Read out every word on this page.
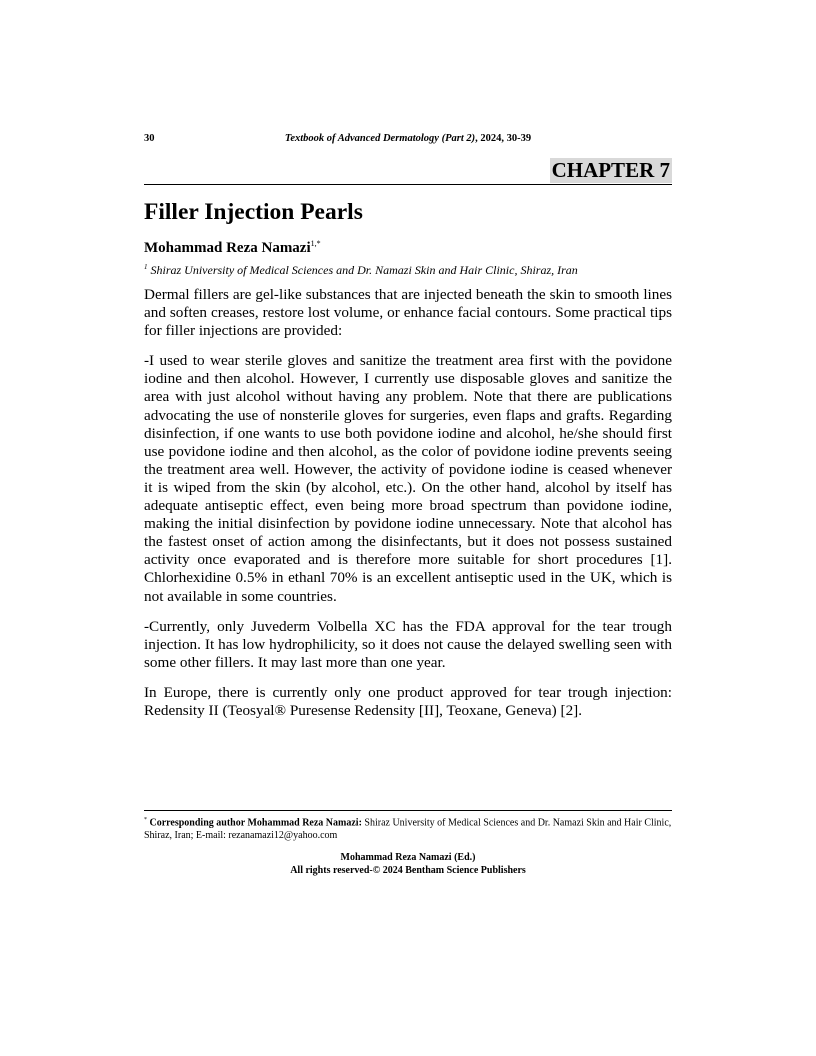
30	Textbook of Advanced Dermatology (Part 2), 2024, 30-39
CHAPTER 7
Filler Injection Pearls
Mohammad Reza Namazi$^{1,*}$
$^1$ Shiraz University of Medical Sciences and Dr. Namazi Skin and Hair Clinic, Shiraz, Iran

Dermal fillers are gel-like substances that are injected beneath the skin to smooth lines and soften creases, restore lost volume, or enhance facial contours. Some practical tips for filler injections are provided:

-I used to wear sterile gloves and sanitize the treatment area first with the povidone iodine and then alcohol. However, I currently use disposable gloves and sanitize the area with just alcohol without having any problem. Note that there are publications advocating the use of nonsterile gloves for surgeries, even flaps and grafts. Regarding disinfection, if one wants to use both povidone iodine and alcohol, he/she should first use povidone iodine and then alcohol, as the color of povidone iodine prevents seeing the treatment area well. However, the activity of povidone iodine is ceased whenever it is wiped from the skin (by alcohol, etc.). On the other hand, alcohol by itself has adequate antiseptic effect, even being more broad spectrum than povidone iodine, making the initial disinfection by povidone iodine unnecessary. Note that alcohol has the fastest onset of action among the disinfectants, but it does not possess sustained activity once evaporated and is therefore more suitable for short procedures [1]. Chlorhexidine 0.5% in ethanl 70% is an excellent antiseptic used in the UK, which is not available in some countries.

-Currently, only Juvederm Volbella XC has the FDA approval for the tear trough injection. It has low hydrophilicity, so it does not cause the delayed swelling seen with some other fillers. It may last more than one year.

In Europe, there is currently only one product approved for tear trough injection: Redensity II (Teosyal® Puresense Redensity [II], Teoxane, Geneva) [2].

* Corresponding author Mohammad Reza Namazi: Shiraz University of Medical Sciences and Dr. Namazi Skin and Hair Clinic, Shiraz, Iran; E-mail: rezanamazi12@yahoo.com
Mohammad Reza Namazi (Ed.)
All rights reserved-© 2024 Bentham Science Publishers
